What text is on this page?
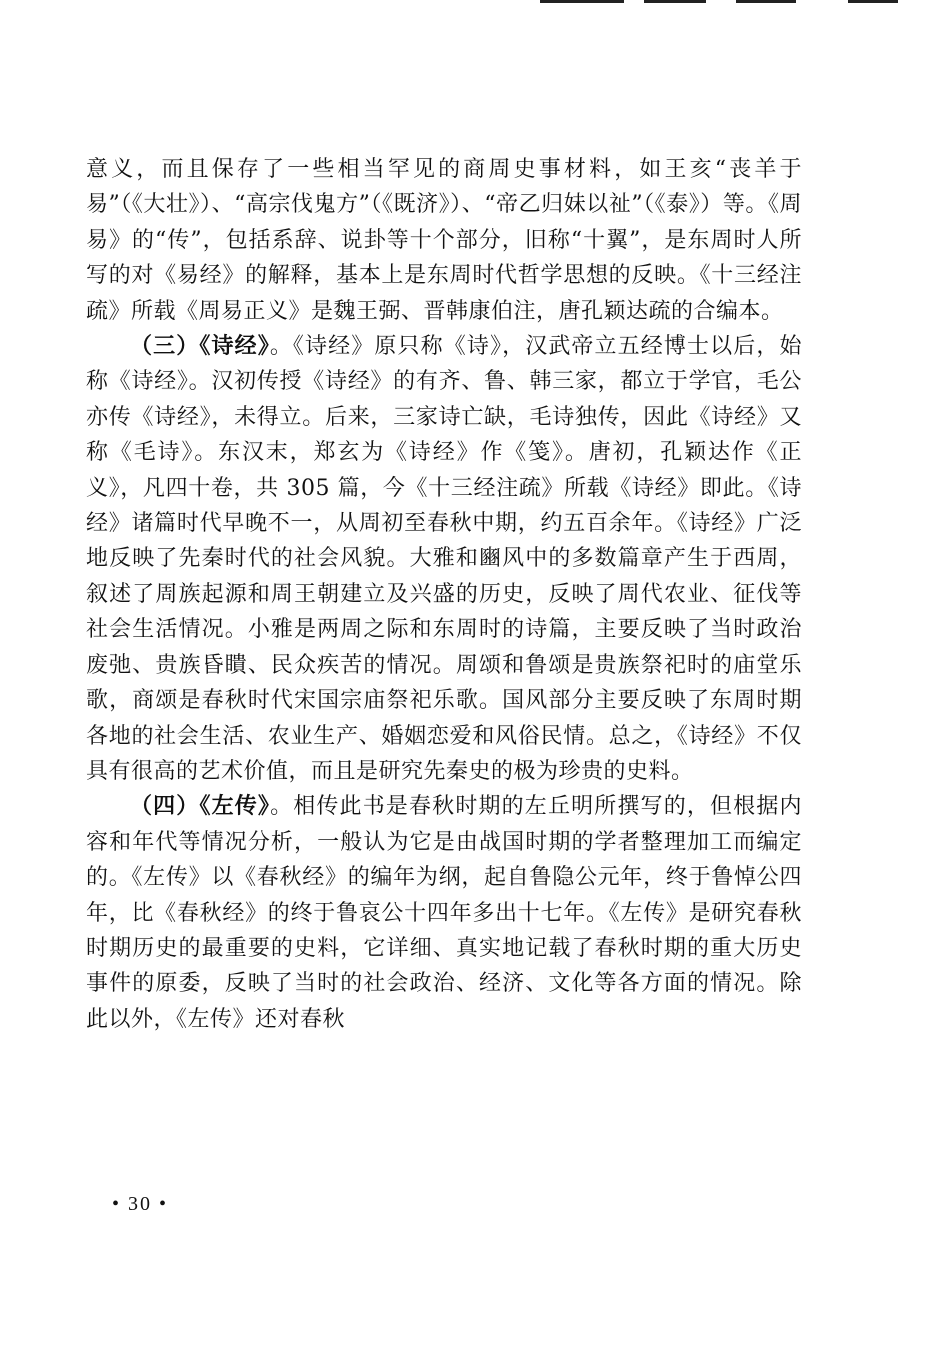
意义，而且保存了一些相当罕见的商周史事材料，如王亥“丧羊于易”（《大壮》）、“高宗伐鬼方”（《既济》）、“帝乙归妹以祉”（《泰》）等。《周易》的“传”，包括系辞、说卦等十个部分，旧称“十翼”，是东周时人所写的对《易经》的解释，基本上是东周时代哲学思想的反映。《十三经注疏》所载《周易正义》是魏王弼、晋韩康伯注，唐孔颖达疏的合编本。

（三）《诗经》。《诗经》原只称《诗》，汉武帝立五经博士以后，始称《诗经》。汉初传授《诗经》的有齐、鲁、韩三家，都立于学官，毛公亦传《诗经》，未得立。后来，三家诗亡缺，毛诗独传，因此《诗经》又称《毛诗》。东汉末，郑玄为《诗经》作《笺》。唐初，孔颖达作《正义》，凡四十卷，共 305 篇，今《十三经注疏》所载《诗经》即此。《诗经》诸篇时代早晚不一，从周初至春秋中期，约五百余年。《诗经》广泛地反映了先秦时代的社会风貌。大雅和豳风中的多数篇章产生于西周，叙述了周族起源和周王朝建立及兴盛的历史，反映了周代农业、征伐等社会生活情况。小雅是两周之际和东周时的诗篇，主要反映了当时政治废弛、贵族昏瞶、民众疾苦的情况。周颂和鲁颂是贵族祭祀时的庙堂乐歌，商颂是春秋时代宋国宗庙祭祀乐歌。国风部分主要反映了东周时期各地的社会生活、农业生产、婚姻恋爱和风俗民情。总之，《诗经》不仅具有很高的艺术价值，而且是研究先秦史的极为珍贵的史料。

（四）《左传》。相传此书是春秋时期的左丘明所撰写的，但根据内容和年代等情况分析，一般认为它是由战国时期的学者整理加工而编定的。《左传》以《春秋经》的编年为纲，起自鲁隐公元年，终于鲁悼公四年，比《春秋经》的终于鲁哀公十四年多出十七年。《左传》是研究春秋时期历史的最重要的史料，它详细、真实地记载了春秋时期的重大历史事件的原委，反映了当时的社会政治、经济、文化等各方面的情况。除此以外，《左传》还对春秋

• 30 •
